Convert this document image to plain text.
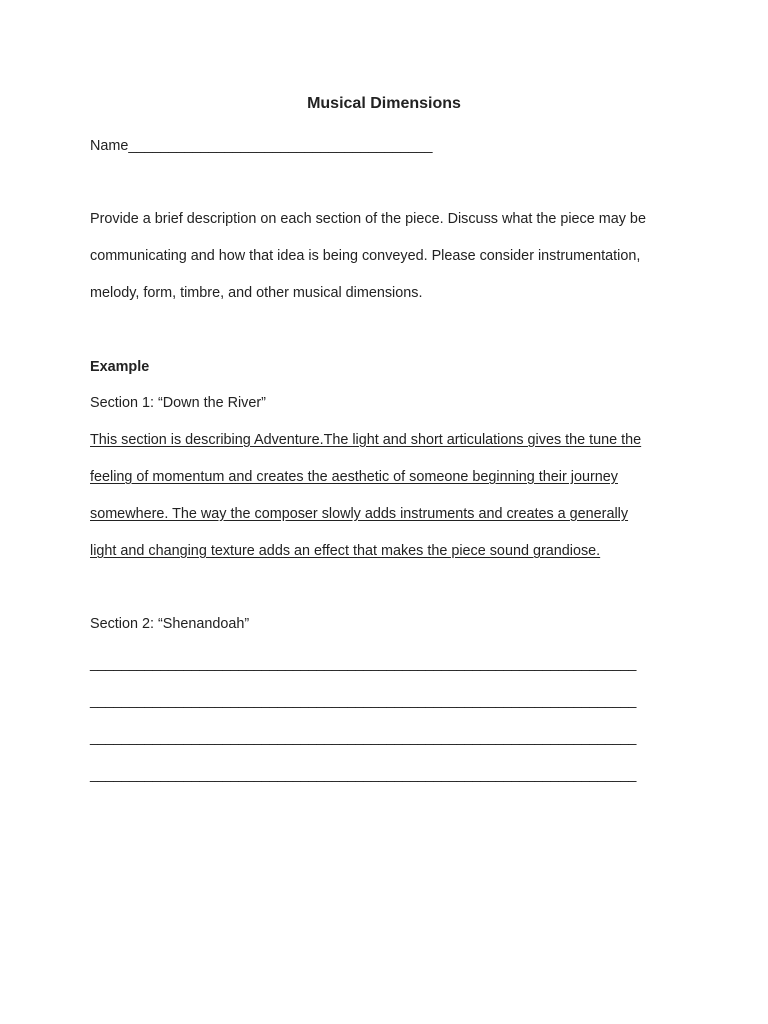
Musical Dimensions

Name______________________________________

Provide a brief description on each section of the piece. Discuss what the piece may be

communicating and how that idea is being conveyed. Please consider instrumentation,

melody, form, timbre, and other musical dimensions.

Example

Section 1: “Down the River”

This section is describing Adventure.The light and short articulations gives the tune the

feeling of momentum and creates the aesthetic of someone beginning their journey

somewhere. The way the composer slowly adds instruments and creates a generally

light and changing texture adds an effect that makes the piece sound grandiose.

Section 2: “Shenandoah”

______________________________________________________________________

______________________________________________________________________

______________________________________________________________________

______________________________________________________________________
